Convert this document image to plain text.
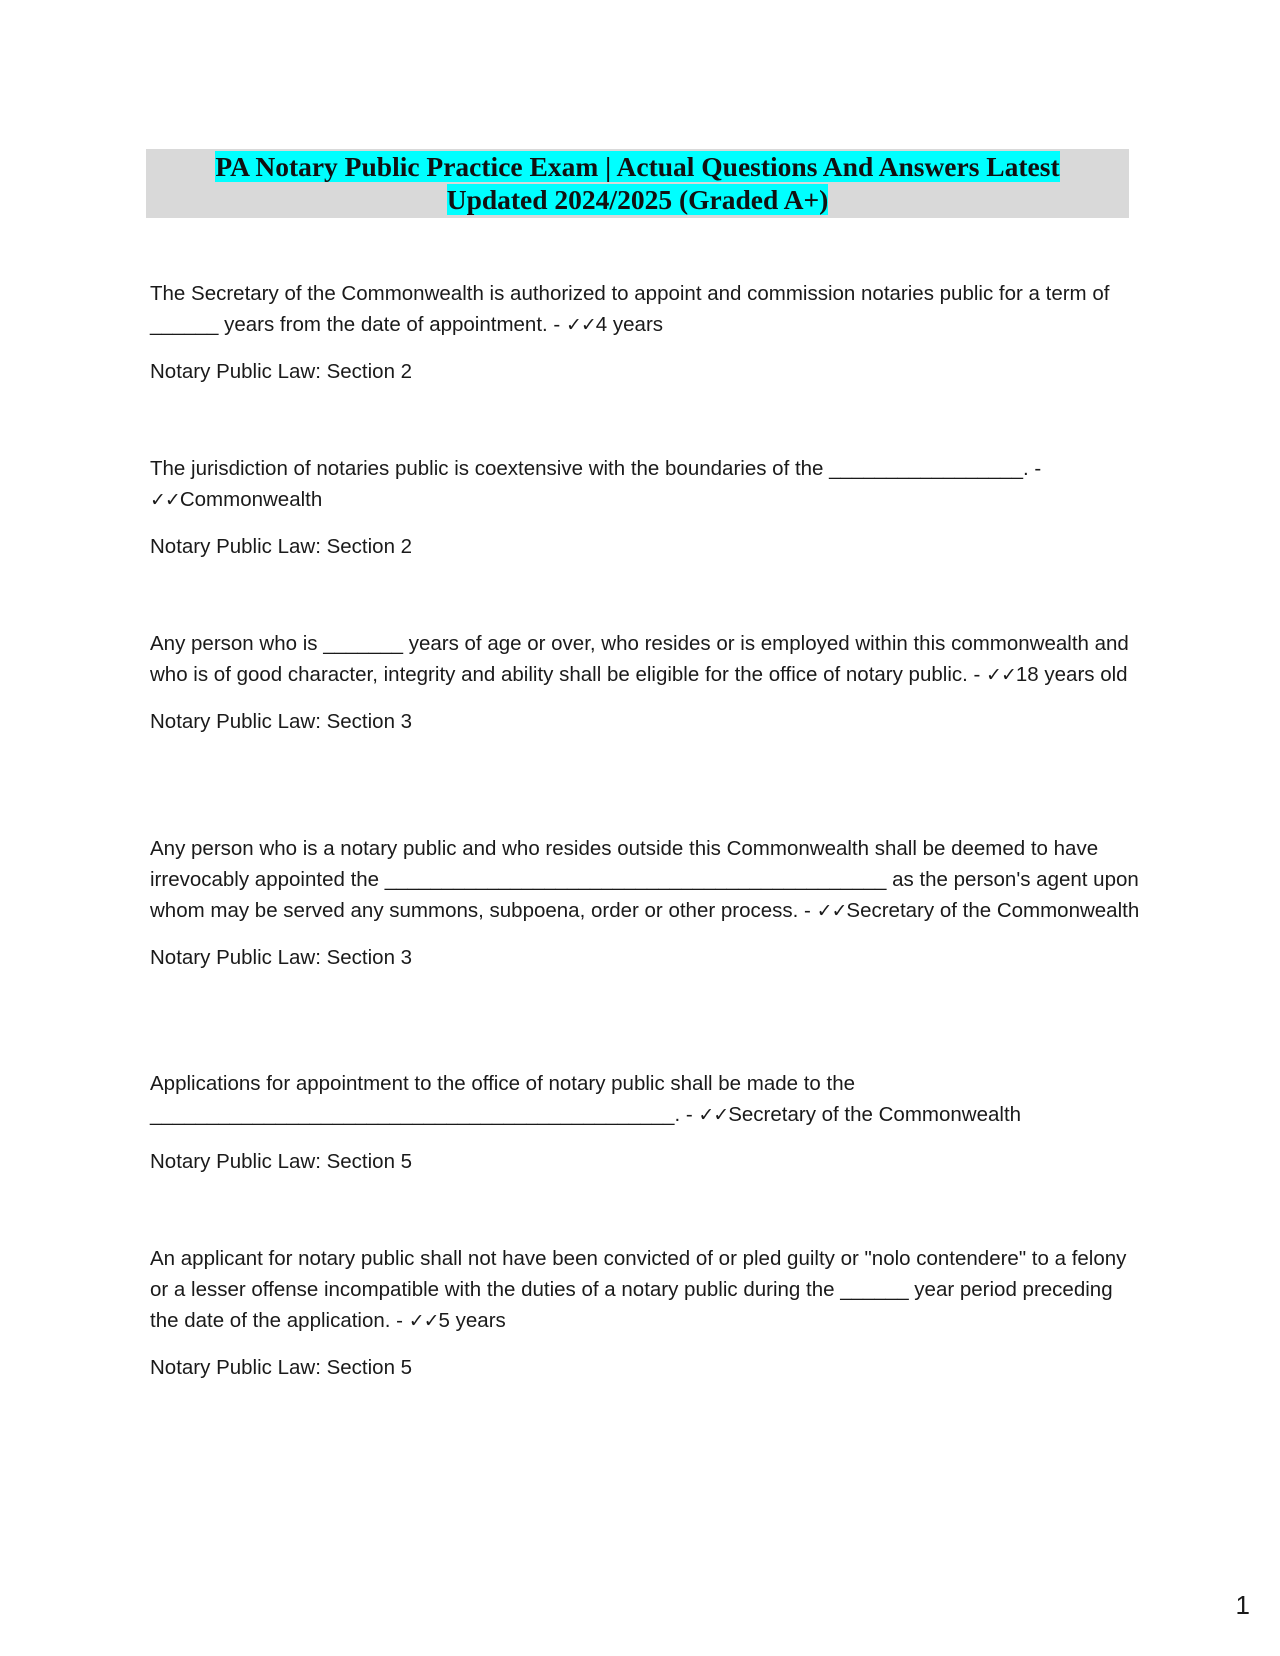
PA Notary Public Practice Exam | Actual Questions And Answers Latest
Updated 2024/2025 (Graded A+)

The Secretary of the Commonwealth is authorized to appoint and commission notaries public for a term of ______ years from the date of appointment. - ✓✓4 years

Notary Public Law: Section 2

The jurisdiction of notaries public is coextensive with the boundaries of the _________________. - ✓✓Commonwealth

Notary Public Law: Section 2

Any person who is _______ years of age or over, who resides or is employed within this commonwealth and who is of good character, integrity and ability shall be eligible for the office of notary public. - ✓✓18 years old

Notary Public Law: Section 3

Any person who is a notary public and who resides outside this Commonwealth shall be deemed to have irrevocably appointed the ____________________________________________ as the person's agent upon whom may be served any summons, subpoena, order or other process. - ✓✓Secretary of the Commonwealth

Notary Public Law: Section 3

Applications for appointment to the office of notary public shall be made to the ______________________________________________. - ✓✓Secretary of the Commonwealth

Notary Public Law: Section 5

An applicant for notary public shall not have been convicted of or pled guilty or "nolo contendere" to a felony or a lesser offense incompatible with the duties of a notary public during the ______ year period preceding the date of the application. - ✓✓5 years

Notary Public Law: Section 5

1
